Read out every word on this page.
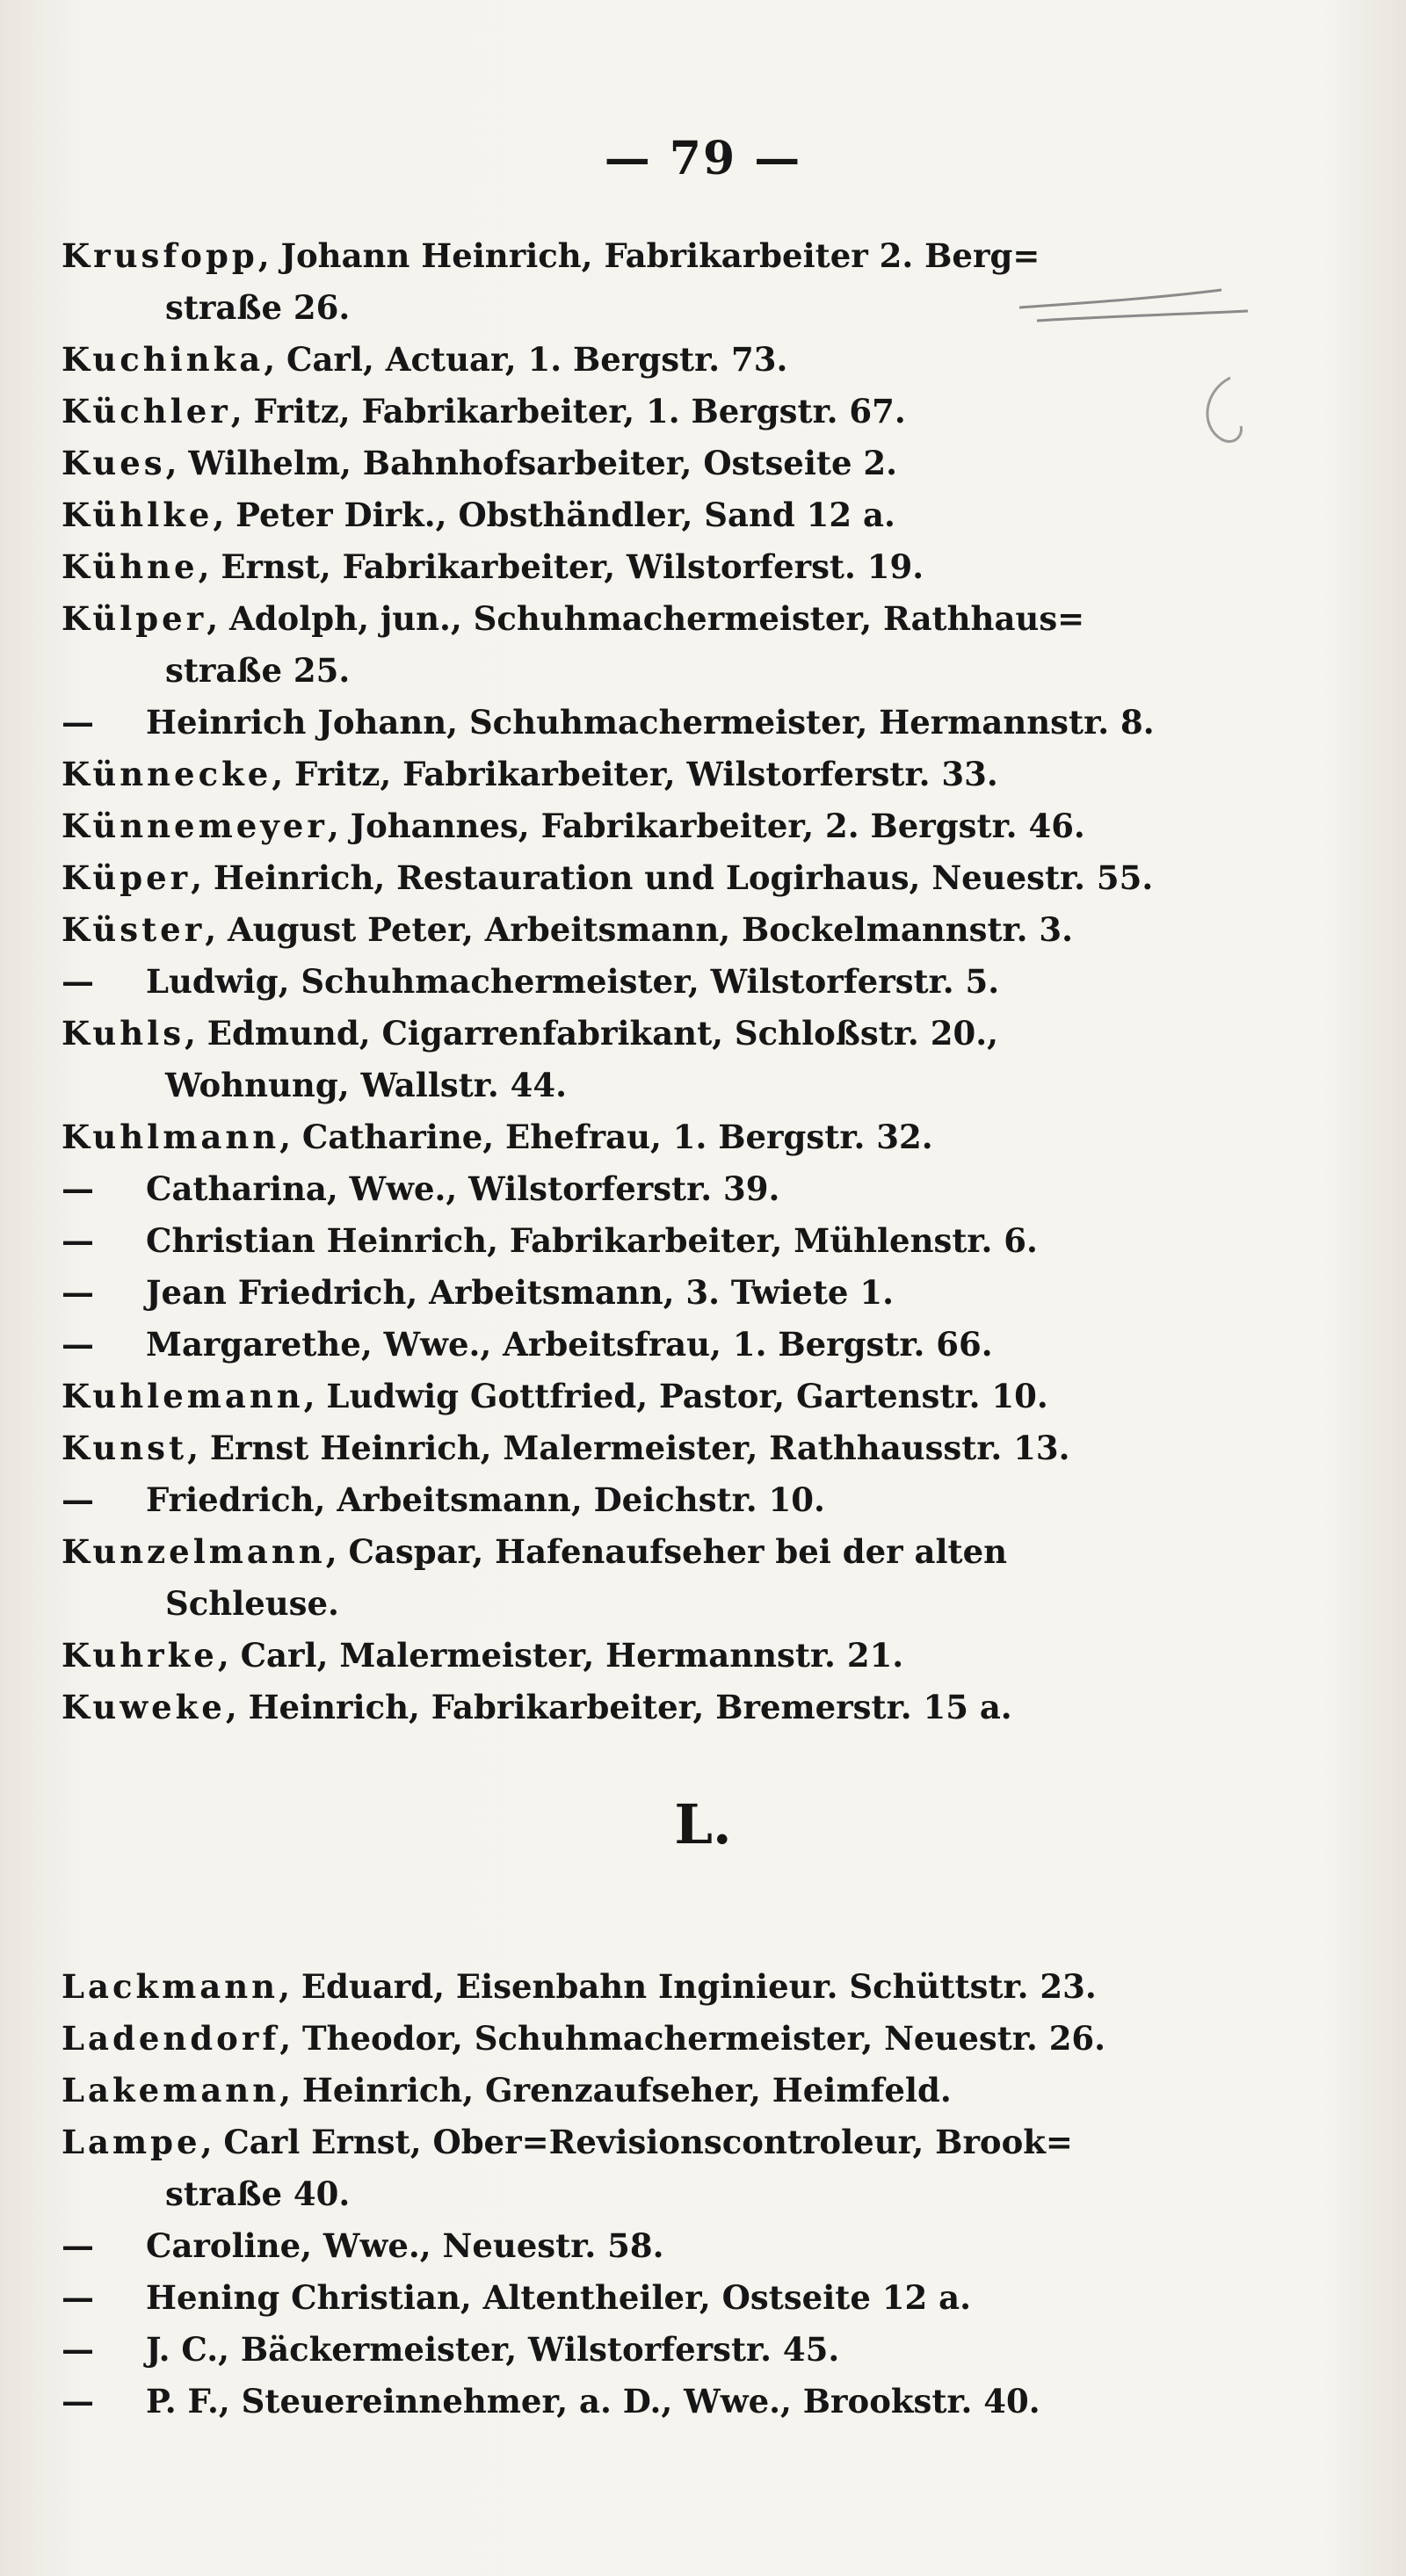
— 79 —
Krusfopp, Johann Heinrich, Fabrikarbeiter 2. Berg=
straße 26.
Kuchinka, Carl, Actuar, 1. Bergstr. 73.
Küchler, Fritz, Fabrikarbeiter, 1. Bergstr. 67.
Kues, Wilhelm, Bahnhofsarbeiter, Ostseite 2.
Kühlke, Peter Dirk., Obsthändler, Sand 12 a.
Kühne, Ernst, Fabrikarbeiter, Wilstorferst. 19.
Külper, Adolph, jun., Schuhmachermeister, Rathhaus=
straße 25.
— Heinrich Johann, Schuhmachermeister, Hermannstr. 8.
Künnecke, Fritz, Fabrikarbeiter, Wilstorferstr. 33.
Künnemeyer, Johannes, Fabrikarbeiter, 2. Bergstr. 46.
Küper, Heinrich, Restauration und Logirhaus, Neuestr. 55.
Küster, August Peter, Arbeitsmann, Bockelmannstr. 3.
— Ludwig, Schuhmachermeister, Wilstorferstr. 5.
Kuhls, Edmund, Cigarrenfabrikant, Schloßstr. 20.,
Wohnung, Wallstr. 44.
Kuhlmann, Catharine, Ehefrau, 1. Bergstr. 32.
— Catharina, Wwe., Wilstorferstr. 39.
— Christian Heinrich, Fabrikarbeiter, Mühlenstr. 6.
— Jean Friedrich, Arbeitsmann, 3. Twiete 1.
— Margarethe, Wwe., Arbeitsfrau, 1. Bergstr. 66.
Kuhlemann, Ludwig Gottfried, Pastor, Gartenstr. 10.
Kunst, Ernst Heinrich, Malermeister, Rathhausstr. 13.
— Friedrich, Arbeitsmann, Deichstr. 10.
Kunzelmann, Caspar, Hafenaufseher bei der alten
Schleuse.
Kuhrke, Carl, Malermeister, Hermannstr. 21.
Kuweke, Heinrich, Fabrikarbeiter, Bremerstr. 15 a.
L.
Lackmann, Eduard, Eisenbahn Inginieur. Schüttstr. 23.
Ladendorf, Theodor, Schuhmachermeister, Neuestr. 26.
Lakemann, Heinrich, Grenzaufseher, Heimfeld.
Lampe, Carl Ernst, Ober=Revisionscontroleur, Brook=
straße 40.
— Caroline, Wwe., Neuestr. 58.
— Hening Christian, Altentheiler, Ostseite 12 a.
— J. C., Bäckermeister, Wilstorferstr. 45.
— P. F., Steuereinnehmer, a. D., Wwe., Brookstr. 40.
